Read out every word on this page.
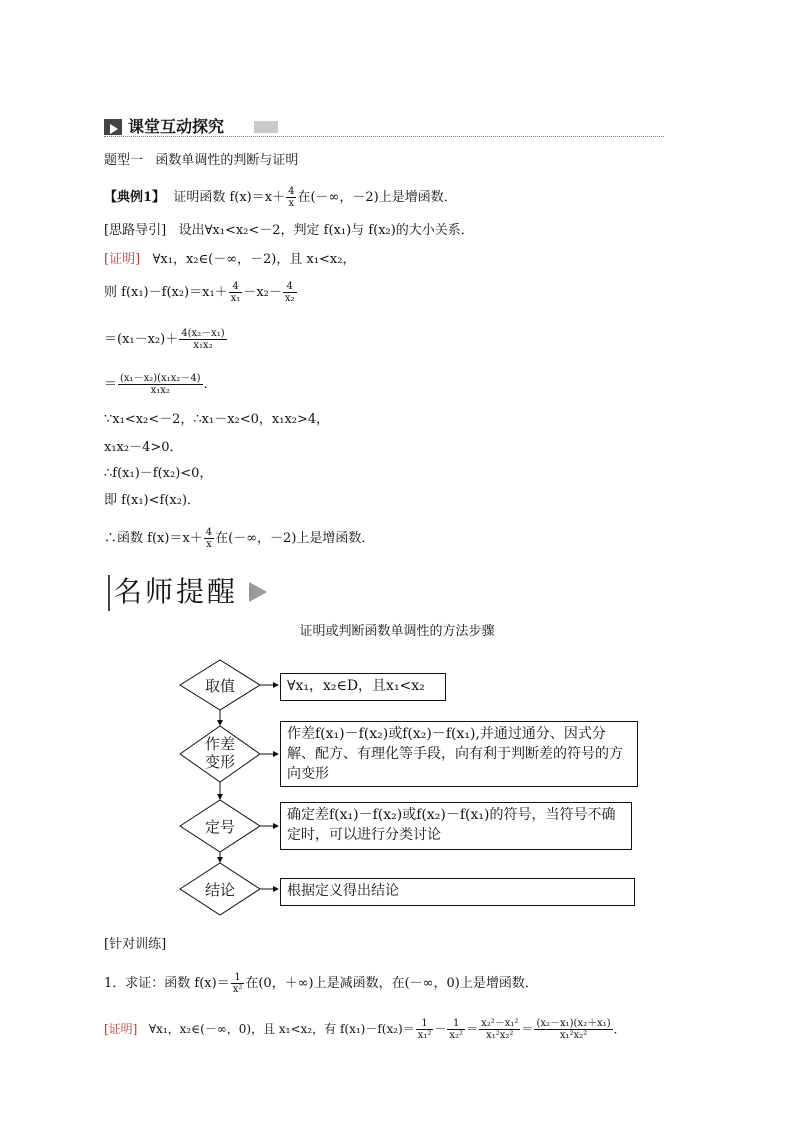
课堂互动探究
题型一 函数单调性的判断与证明
【典例1】 证明函数 $f(x)=x+ \frac{4}{x}$ 在(－∞，－2)上是增函数．
[思路导引] 设出∀x₁<x₂<－2，判定 f(x₁)与 f(x₂)的大小关系．
[证明] ∀x₁，x₂∈(－∞，－2)，且 x₁<x₂，
则 $f(x_1)-f(x_2)=x_1+ \frac{4}{\text{x₁}} -x_2- \frac{4}{\text{x₂}}$
$=(x_1-x_2)+ \frac{\text{4(x₂－x₁)}}{\text{x₁x₂}}$
＝ $\frac{\text{(x₁－x₂)(x₁x₂－4)}}{\text{x₁x₂}}$ ．
∵x₁<x₂<－2，∴x₁－x₂<0，x₁x₂>4，
x₁x₂－4>0．
∴f(x₁)－f(x₂)<0，
即 f(x₁)<f(x₂)．
∴函数 $f(x)=x+ \frac{4}{x}$ 在(－∞，－2)上是增函数．
名师提醒
证明或判断函数单调性的方法步骤
取值
作差
变形
定号
结论
∀x₁，x₂∈D，且x₁<x₂
作差f(x₁)－f(x₂)或f(x₂)－f(x₁),并通过通分、因式分解、配方、有理化等手段，向有利于判断差的符号的方向变形
确定差f(x₁)－f(x₂)或f(x₂)－f(x₁)的符号，当符号不确定时，可以进行分类讨论
根据定义得出结论
[针对训练]
1．求证：函数 $f(x)= \frac{1}{\text{x²}}$ 在(0，＋∞)上是减函数，在(－∞，0)上是增函数．
[证明] ∀x₁，x₂∈(－∞，0)，且 x₁<x₂，有 $f(x_1)-f(x_2)= \frac{1}{\text{x₁²}} - \frac{1}{\text{x₂²}} = \frac{\text{x₂²－x₁²}}{\text{x₁²x₂²}} = \frac{\text{(x₂－x₁)(x₂＋x₁)}}{\text{x₁²x₂²}}$ ．
